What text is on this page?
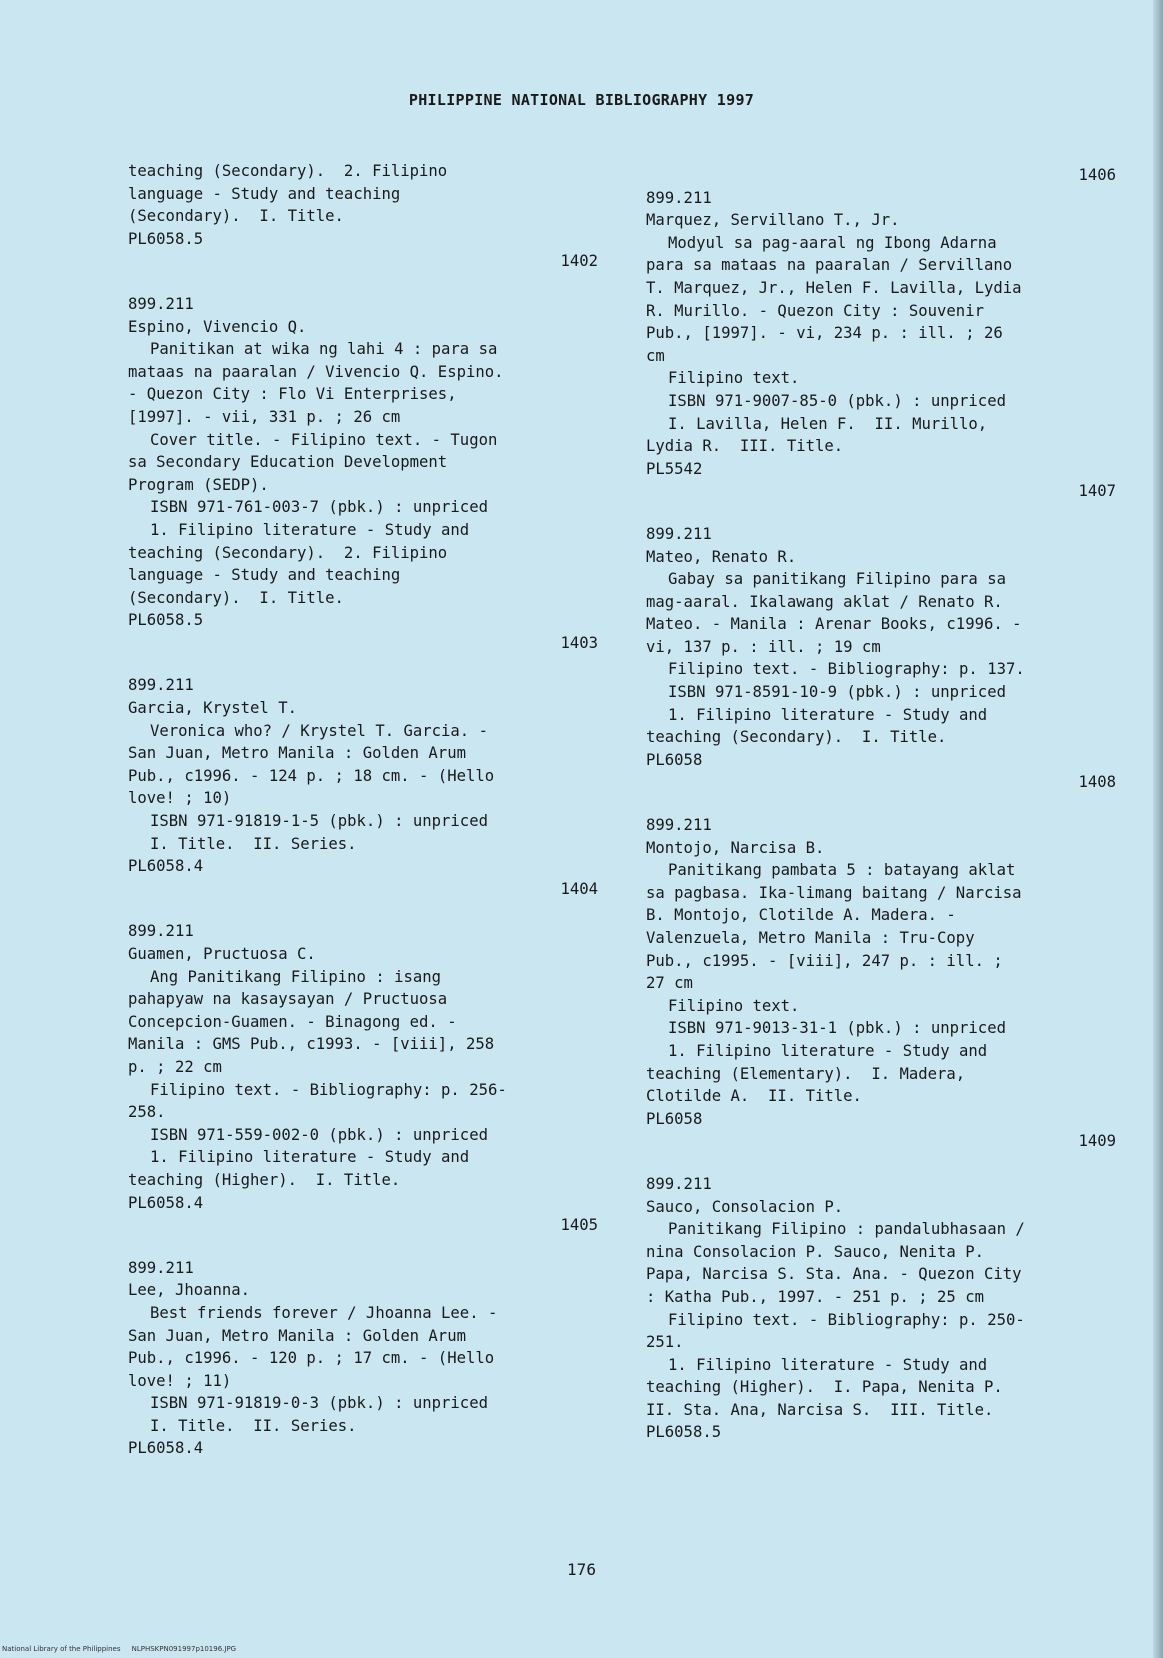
PHILIPPINE NATIONAL BIBLIOGRAPHY 1997
teaching (Secondary).  2. Filipino
language - Study and teaching
(Secondary).  I. Title.
PL6058.5
1402
899.211
Espino, Vivencio Q.
Panitikan at wika ng lahi 4 : para sa
mataas na paaralan / Vivencio Q. Espino.
- Quezon City : Flo Vi Enterprises,
[1997]. - vii, 331 p. ; 26 cm
Cover title. - Filipino text. - Tugon
sa Secondary Education Development
Program (SEDP).
ISBN 971-761-003-7 (pbk.) : unpriced
1. Filipino literature - Study and
teaching (Secondary).  2. Filipino
language - Study and teaching
(Secondary).  I. Title.
PL6058.5
1403
899.211
Garcia, Krystel T.
Veronica who? / Krystel T. Garcia. -
San Juan, Metro Manila : Golden Arum
Pub., c1996. - 124 p. ; 18 cm. - (Hello
love! ; 10)
ISBN 971-91819-1-5 (pbk.) : unpriced
I. Title.  II. Series.
PL6058.4
1404
899.211
Guamen, Pructuosa C.
Ang Panitikang Filipino : isang
pahapyaw na kasaysayan / Pructuosa
Concepcion-Guamen. - Binagong ed. -
Manila : GMS Pub., c1993. - [viii], 258
p. ; 22 cm
Filipino text. - Bibliography: p. 256-
258.
ISBN 971-559-002-0 (pbk.) : unpriced
1. Filipino literature - Study and
teaching (Higher).  I. Title.
PL6058.4
1405
899.211
Lee, Jhoanna.
Best friends forever / Jhoanna Lee. -
San Juan, Metro Manila : Golden Arum
Pub., c1996. - 120 p. ; 17 cm. - (Hello
love! ; 11)
ISBN 971-91819-0-3 (pbk.) : unpriced
I. Title.  II. Series.
PL6058.4
1406
899.211
Marquez, Servillano T., Jr.
Modyul sa pag-aaral ng Ibong Adarna
para sa mataas na paaralan / Servillano
T. Marquez, Jr., Helen F. Lavilla, Lydia
R. Murillo. - Quezon City : Souvenir
Pub., [1997]. - vi, 234 p. : ill. ; 26
cm
Filipino text.
ISBN 971-9007-85-0 (pbk.) : unpriced
I. Lavilla, Helen F.  II. Murillo,
Lydia R.  III. Title.
PL5542
1407
899.211
Mateo, Renato R.
Gabay sa panitikang Filipino para sa
mag-aaral. Ikalawang aklat / Renato R.
Mateo. - Manila : Arenar Books, c1996. -
vi, 137 p. : ill. ; 19 cm
Filipino text. - Bibliography: p. 137.
ISBN 971-8591-10-9 (pbk.) : unpriced
1. Filipino literature - Study and
teaching (Secondary).  I. Title.
PL6058
1408
899.211
Montojo, Narcisa B.
Panitikang pambata 5 : batayang aklat
sa pagbasa. Ika-limang baitang / Narcisa
B. Montojo, Clotilde A. Madera. -
Valenzuela, Metro Manila : Tru-Copy
Pub., c1995. - [viii], 247 p. : ill. ;
27 cm
Filipino text.
ISBN 971-9013-31-1 (pbk.) : unpriced
1. Filipino literature - Study and
teaching (Elementary).  I. Madera,
Clotilde A.  II. Title.
PL6058
1409
899.211
Sauco, Consolacion P.
Panitikang Filipino : pandalubhasaan /
nina Consolacion P. Sauco, Nenita P.
Papa, Narcisa S. Sta. Ana. - Quezon City
: Katha Pub., 1997. - 251 p. ; 25 cm
Filipino text. - Bibliography: p. 250-
251.
1. Filipino literature - Study and
teaching (Higher).  I. Papa, Nenita P.
II. Sta. Ana, Narcisa S.  III. Title.
PL6058.5
176
National Library of the Philippines     NLPHSKPN091997p10196.JPG
